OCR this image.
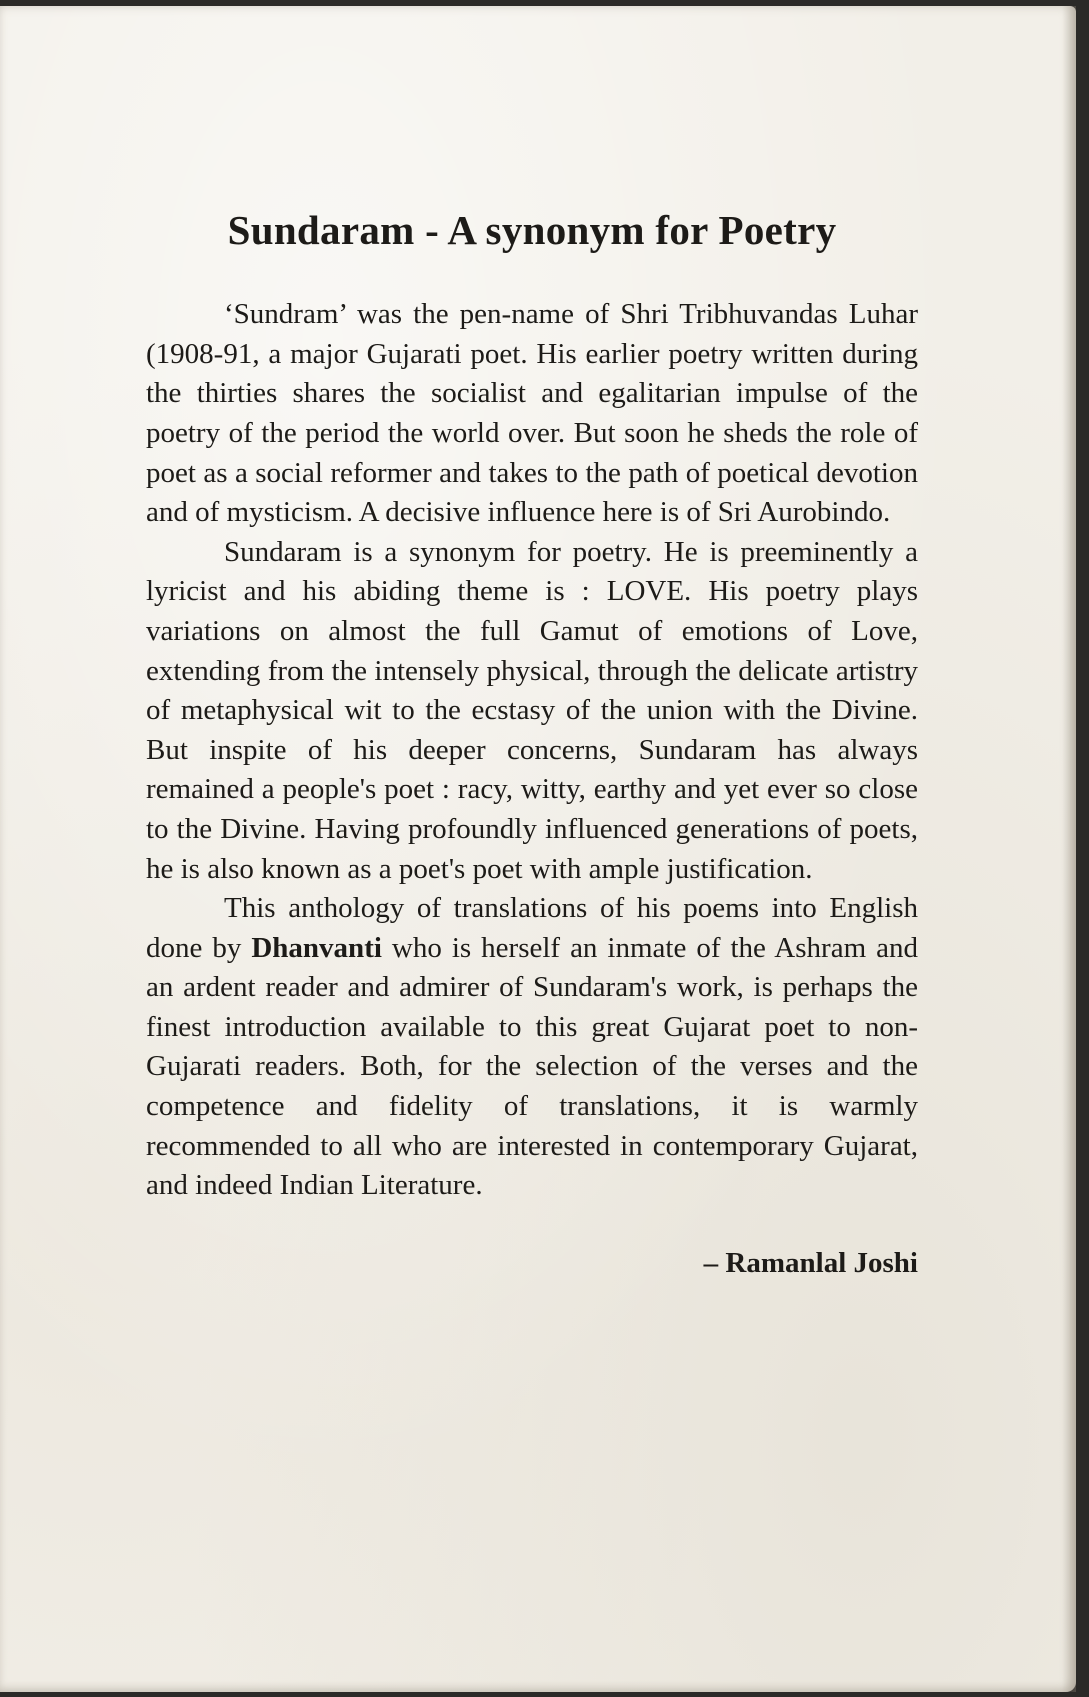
Sundaram - A synonym for Poetry

‘Sundram’ was the pen-name of Shri Tribhuvandas Luhar (1908-91, a major Gujarati poet. His earlier poetry written during the thirties shares the socialist and egalitarian impulse of the poetry of the period the world over. But soon he sheds the role of poet as a social reformer and takes to the path of poetical devotion and of mysticism. A decisive influence here is of Sri Aurobindo.

Sundaram is a synonym for poetry. He is preeminently a lyricist and his abiding theme is : LOVE. His poetry plays variations on almost the full Gamut of emotions of Love, extending from the intensely physical, through the delicate artistry of metaphysical wit to the ecstasy of the union with the Divine. But inspite of his deeper concerns, Sundaram has always remained a people's poet : racy, witty, earthy and yet ever so close to the Divine. Having profoundly influenced generations of poets, he is also known as a poet's poet with ample justification.

This anthology of translations of his poems into English done by Dhanvanti who is herself an inmate of the Ashram and an ardent reader and admirer of Sundaram's work, is perhaps the finest introduction available to this great Gujarat poet to non-Gujarati readers. Both, for the selection of the verses and the competence and fidelity of translations, it is warmly recommended to all who are interested in contemporary Gujarat, and indeed Indian Literature.

– Ramanlal Joshi
